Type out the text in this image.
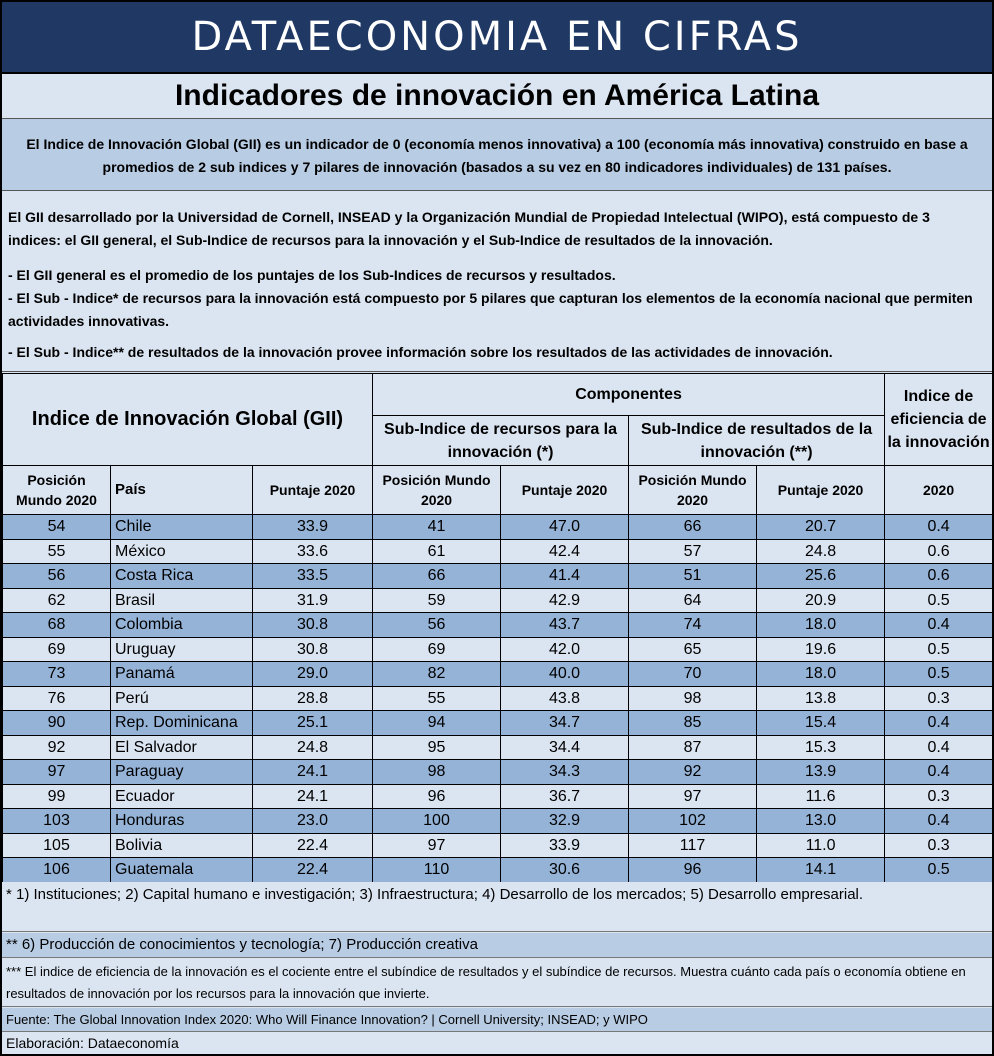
DATAECONOMIA EN CIFRAS
Indicadores de innovación en América Latina
El Indice de Innovación Global (GII) es un indicador de 0 (economía menos innovativa) a 100 (economía más innovativa) construido en base a promedios de 2 sub indices y 7 pilares de innovación (basados a su vez en 80 indicadores individuales) de 131 países.

El GII desarrollado por la Universidad de Cornell, INSEAD y la Organización Mundial de Propiedad Intelectual (WIPO), está compuesto de 3 indices: el GII general, el Sub-Indice de recursos para la innovación y el Sub-Indice de resultados de la innovación.

- El GII general es el promedio de los puntajes de los Sub-Indices de recursos y resultados.

- El Sub - Indice* de recursos para la innovación está compuesto por 5 pilares que capturan los elementos de la economía nacional que permiten actividades innovativas.

- El Sub - Indice** de resultados de la innovación provee información sobre los resultados de las actividades de innovación.

Indice de Innovación Global (GII)			Componentes				Indice de eficiencia de la innovación
			Sub-Indice de recursos para la innovación (*)		Sub-Indice de resultados de la innovación (**)		
Posición Mundo 2020	País	Puntaje 2020	Posición Mundo 2020	Puntaje 2020	Posición Mundo 2020	Puntaje 2020	2020
54	Chile	33.9	41	47.0	66	20.7	0.4
55	México	33.6	61	42.4	57	24.8	0.6
56	Costa Rica	33.5	66	41.4	51	25.6	0.6
62	Brasil	31.9	59	42.9	64	20.9	0.5
68	Colombia	30.8	56	43.7	74	18.0	0.4
69	Uruguay	30.8	69	42.0	65	19.6	0.5
73	Panamá	29.0	82	40.0	70	18.0	0.5
76	Perú	28.8	55	43.8	98	13.8	0.3
90	Rep. Dominicana	25.1	94	34.7	85	15.4	0.4
92	El Salvador	24.8	95	34.4	87	15.3	0.4
97	Paraguay	24.1	98	34.3	92	13.9	0.4
99	Ecuador	24.1	96	36.7	97	11.6	0.3
103	Honduras	23.0	100	32.9	102	13.0	0.4
105	Bolivia	22.4	97	33.9	117	11.0	0.3
106	Guatemala	22.4	110	30.6	96	14.1	0.5
* 1) Instituciones; 2) Capital humano e investigación; 3) Infraestructura; 4) Desarrollo de los mercados; 5) Desarrollo empresarial.
** 6) Producción de conocimientos y tecnología; 7) Producción creativa
*** El indice de eficiencia de la innovación es el cociente entre el subíndice de resultados y el subíndice de recursos. Muestra cuánto cada país o economía obtiene en resultados de innovación por los recursos para la innovación que invierte.
Fuente: The Global Innovation Index 2020: Who Will Finance Innovation? | Cornell University; INSEAD; y WIPO
Elaboración: Dataeconomía
